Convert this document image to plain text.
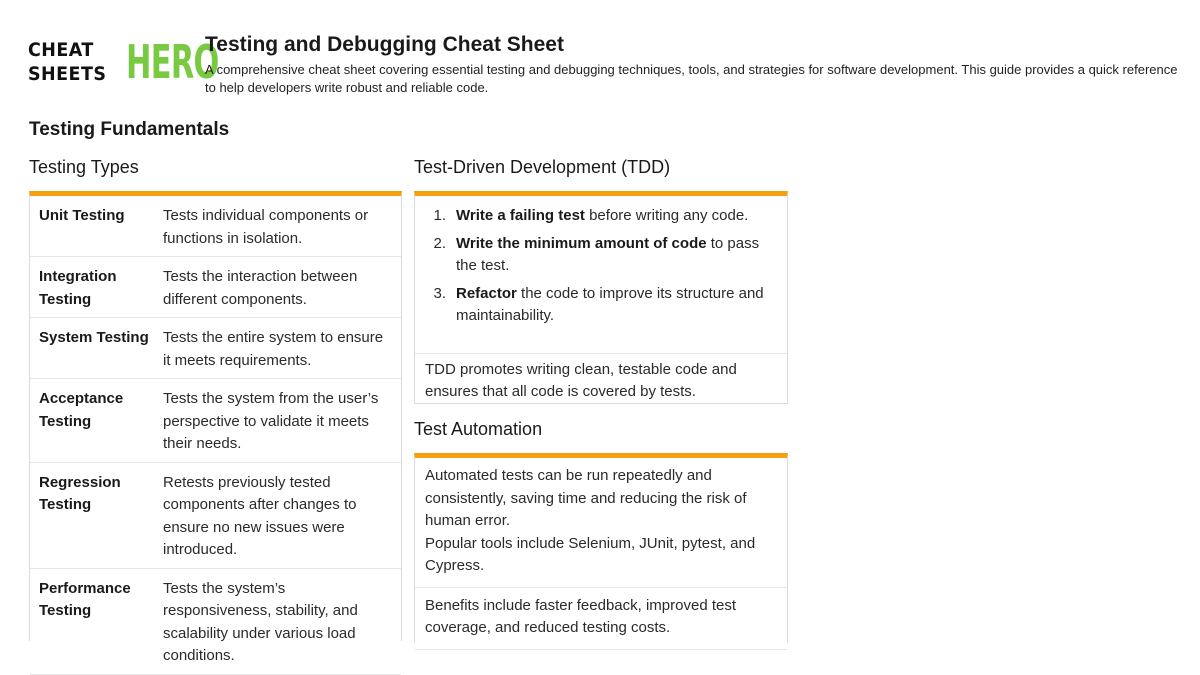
CHEAT
SHEETS HERO
Testing and Debugging Cheat Sheet
A comprehensive cheat sheet covering essential testing and debugging techniques, tools, and strategies for software development. This guide provides a quick reference to help developers write robust and reliable code.
Testing Fundamentals
Testing Types
Unit Testing	Tests individual components or functions in isolation.
Integration Testing
Tests the interaction between different components.
System Testing Tests the entire system to ensure it meets requirements.
Acceptance Testing
Tests the system from the user’s perspective to validate it meets their needs.
Regression Testing
Retests previously tested components after changes to ensure no new issues were introduced.
Performance Testing
Tests the system’s responsiveness, stability, and scalability under various load conditions.
Test-Driven Development (TDD)
1. Write a failing test before writing any code.
2. Write the minimum amount of code to pass the test.
3. Refactor the code to improve its structure and maintainability.
TDD promotes writing clean, testable code and ensures that all code is covered by tests.
Test Automation
Automated tests can be run repeatedly and consistently, saving time and reducing the risk of human error.
Popular tools include Selenium, JUnit, pytest, and Cypress.
Benefits include faster feedback, improved test coverage, and reduced testing costs.
